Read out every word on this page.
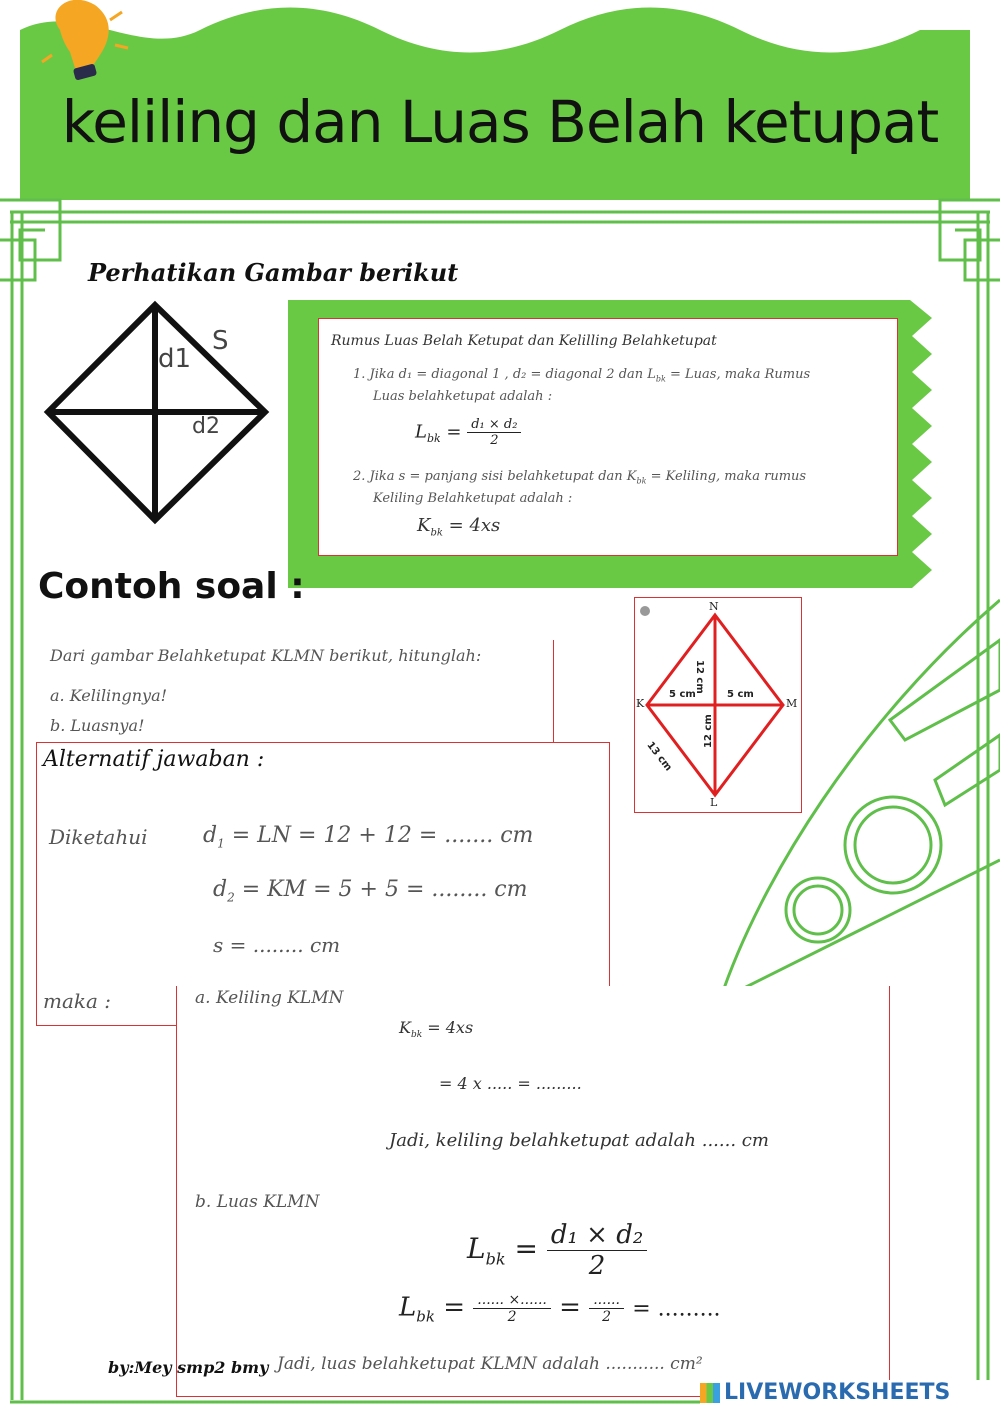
keliling dan Luas Belah ketupat
Perhatikan Gambar berikut
S
d1
d2
Rumus Luas Belah Ketupat dan Kelilling Belahketupat
1. Jika d₁ = diagonal 1 , d₂ = diagonal 2 dan $L_{bk}$ = Luas, maka Rumus
Luas belahketupat adalah :
$L_{bk} = \frac{\text{d₁ × d₂}}{2}$
2. Jika s = panjang sisi belahketupat dan $K_{bk}$ = Keliling, maka rumus
Keliling Belahketupat adalah :
$K_{bk} = 4xs$
Contoh soal :
Dari gambar Belahketupat KLMN berikut, hitunglah:
a. Kelilingnya!
b. Luasnya!
N
K	M
L
5 cm	5 cm
12 cm
12 cm
13 cm
Alternatif jawaban :
Diketahui	$d_1$ = LN = 12 + 12 = ....... cm
$d_2$ = KM = 5 + 5 = ........ cm
s = ........ cm
maka :	a. Keliling KLMN
$K_{bk} = 4xs$
= 4 x ..... = .........
Jadi, keliling belahketupat adalah ...... cm
b. Luas KLMN
$L_{bk} = \frac{\text{d₁ × d₂}}{2}$
$L_{bk} = \frac{...... \times......}{2} = \frac{......}{2}$ = .........
Jadi, luas belahketupat KLMN adalah ........... cm²
by:Mey smp2 bmy
LIVEWORKSHEETS
